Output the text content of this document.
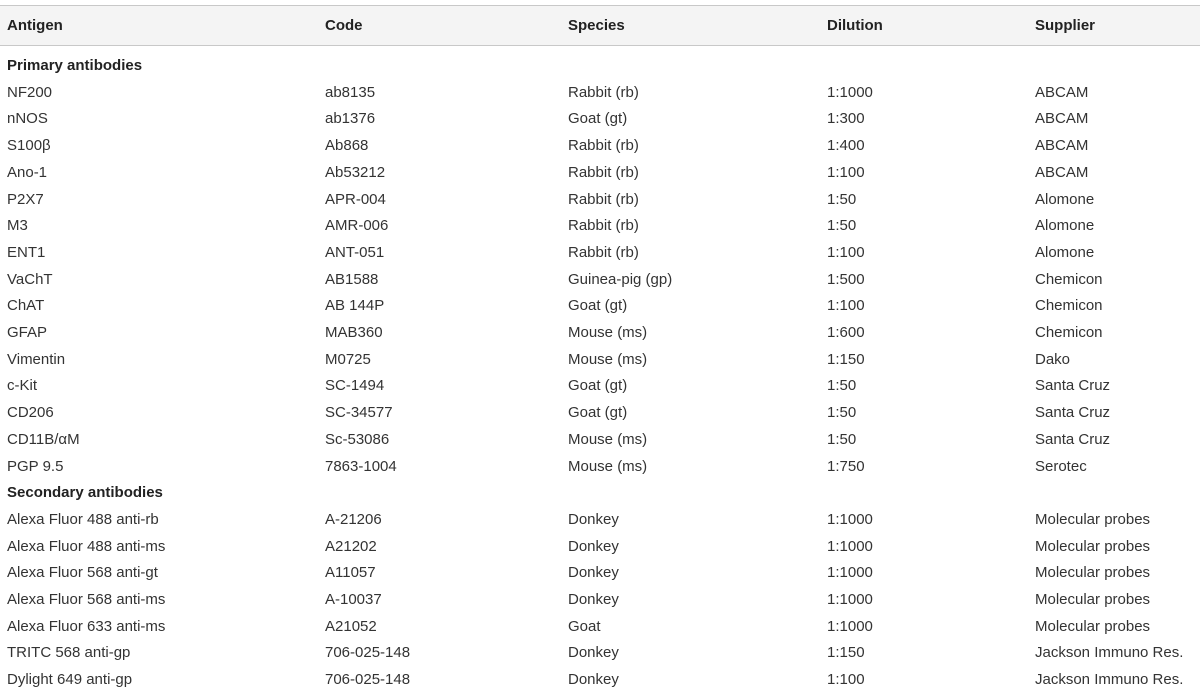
Antigen	Code	Species	Dilution	Supplier
Primary antibodies
NF200	ab8135	Rabbit (rb)	1:1000	ABCAM
nNOS	ab1376	Goat (gt)	1:300	ABCAM
S100β	Ab868	Rabbit (rb)	1:400	ABCAM
Ano-1	Ab53212	Rabbit (rb)	1:100	ABCAM
P2X7	APR-004	Rabbit (rb)	1:50	Alomone
M3	AMR-006	Rabbit (rb)	1:50	Alomone
ENT1	ANT-051	Rabbit (rb)	1:100	Alomone
VaChT	AB1588	Guinea-pig (gp)	1:500	Chemicon
ChAT	AB 144P	Goat (gt)	1:100	Chemicon
GFAP	MAB360	Mouse (ms)	1:600	Chemicon
Vimentin	M0725	Mouse (ms)	1:150	Dako
c-Kit	SC-1494	Goat (gt)	1:50	Santa Cruz
CD206	SC-34577	Goat (gt)	1:50	Santa Cruz
CD11B/αM	Sc-53086	Mouse (ms)	1:50	Santa Cruz
PGP 9.5	7863-1004	Mouse (ms)	1:750	Serotec
Secondary antibodies
Alexa Fluor 488 anti-rb	A-21206	Donkey	1:1000	Molecular probes
Alexa Fluor 488 anti-ms	A21202	Donkey	1:1000	Molecular probes
Alexa Fluor 568 anti-gt	A11057	Donkey	1:1000	Molecular probes
Alexa Fluor 568 anti-ms	A-10037	Donkey	1:1000	Molecular probes
Alexa Fluor 633 anti-ms	A21052	Goat	1:1000	Molecular probes
TRITC 568 anti-gp	706-025-148	Donkey	1:150	Jackson Immuno Res.
Dylight 649 anti-gp	706-025-148	Donkey	1:100	Jackson Immuno Res.
